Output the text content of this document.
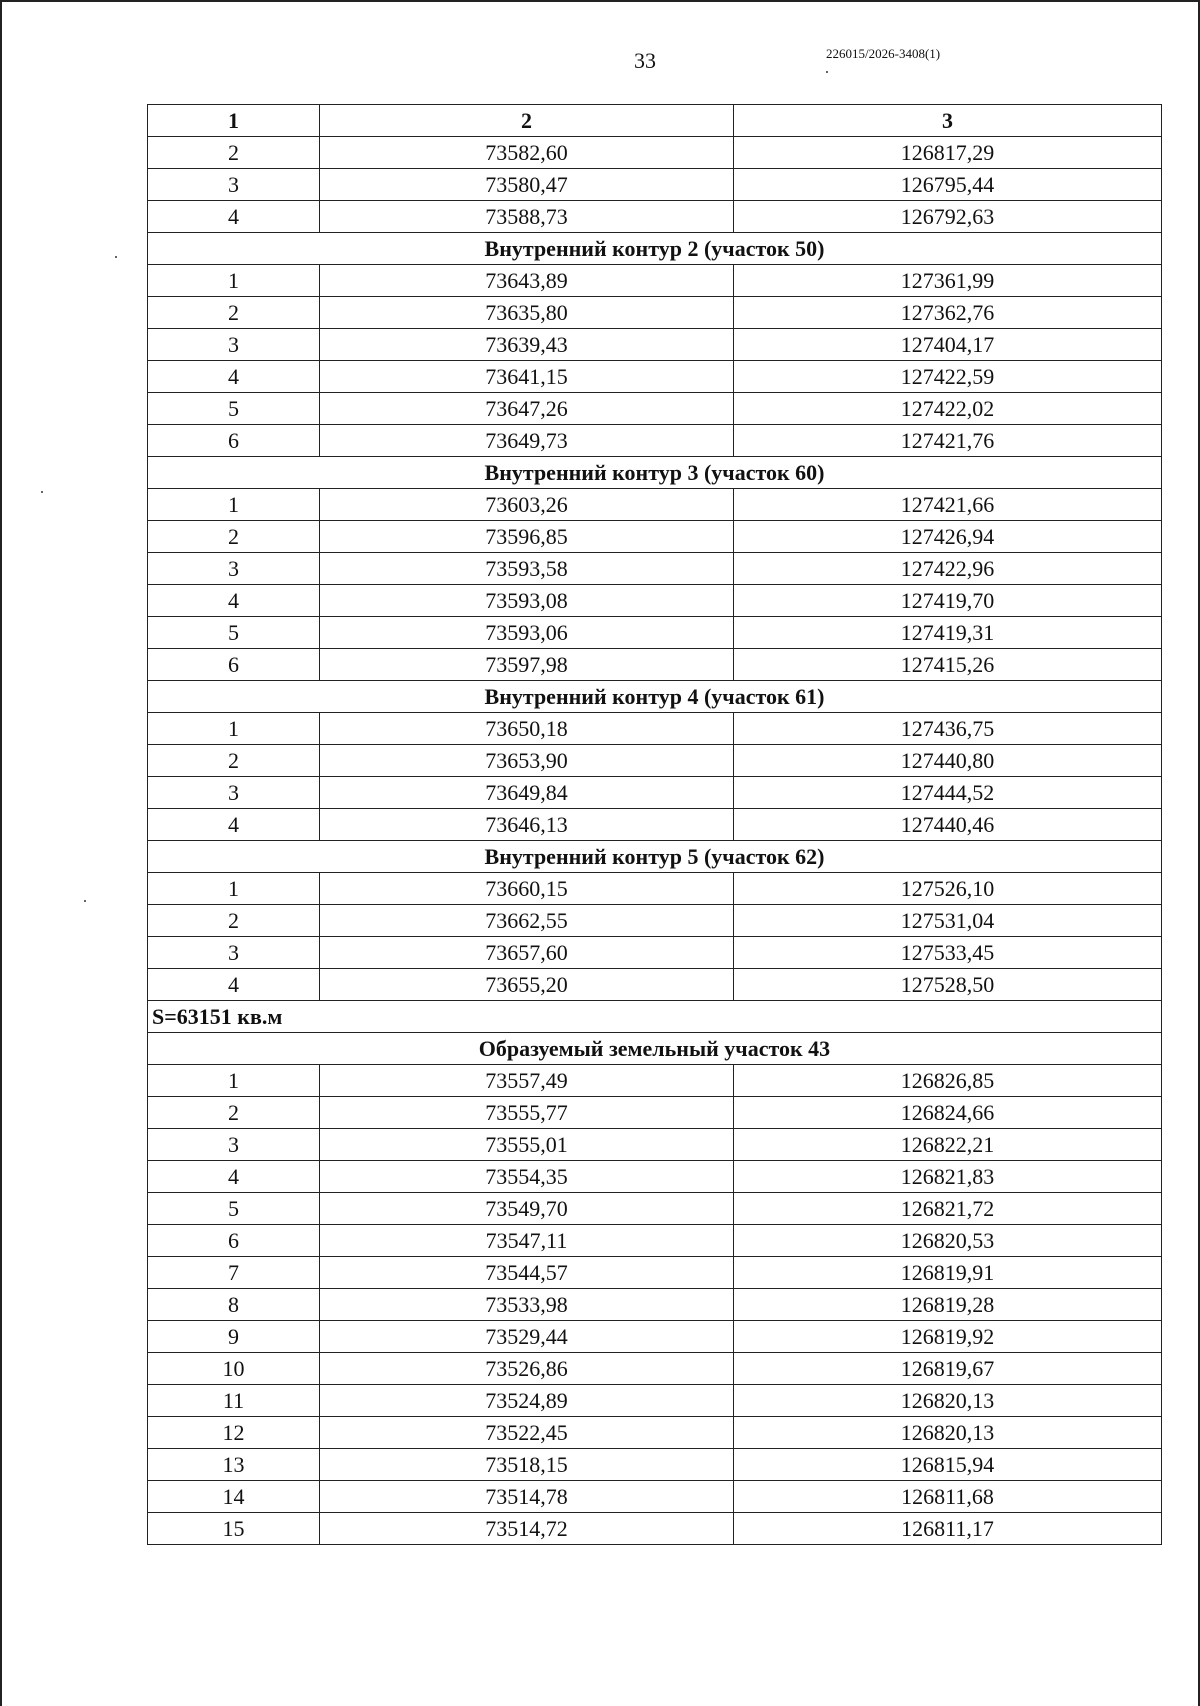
33	226015/2026-3408(1)
1	2	3
2	73582,60	126817,29
3	73580,47	126795,44
4	73588,73	126792,63
Внутренний контур 2 (участок 50)		
1	73643,89	127361,99
2	73635,80	127362,76
3	73639,43	127404,17
4	73641,15	127422,59
5	73647,26	127422,02
6	73649,73	127421,76
Внутренний контур 3 (участок 60)		
1	73603,26	127421,66
2	73596,85	127426,94
3	73593,58	127422,96
4	73593,08	127419,70
5	73593,06	127419,31
6	73597,98	127415,26
Внутренний контур 4 (участок 61)		
1	73650,18	127436,75
2	73653,90	127440,80
3	73649,84	127444,52
4	73646,13	127440,46
Внутренний контур 5 (участок 62)		
1	73660,15	127526,10
2	73662,55	127531,04
3	73657,60	127533,45
4	73655,20	127528,50
S=63151 кв.м		
Образуемый земельный участок 43		
1	73557,49	126826,85
2	73555,77	126824,66
3	73555,01	126822,21
4	73554,35	126821,83
5	73549,70	126821,72
6	73547,11	126820,53
7	73544,57	126819,91
8	73533,98	126819,28
9	73529,44	126819,92
10	73526,86	126819,67
11	73524,89	126820,13
12	73522,45	126820,13
13	73518,15	126815,94
14	73514,78	126811,68
15	73514,72	126811,17
